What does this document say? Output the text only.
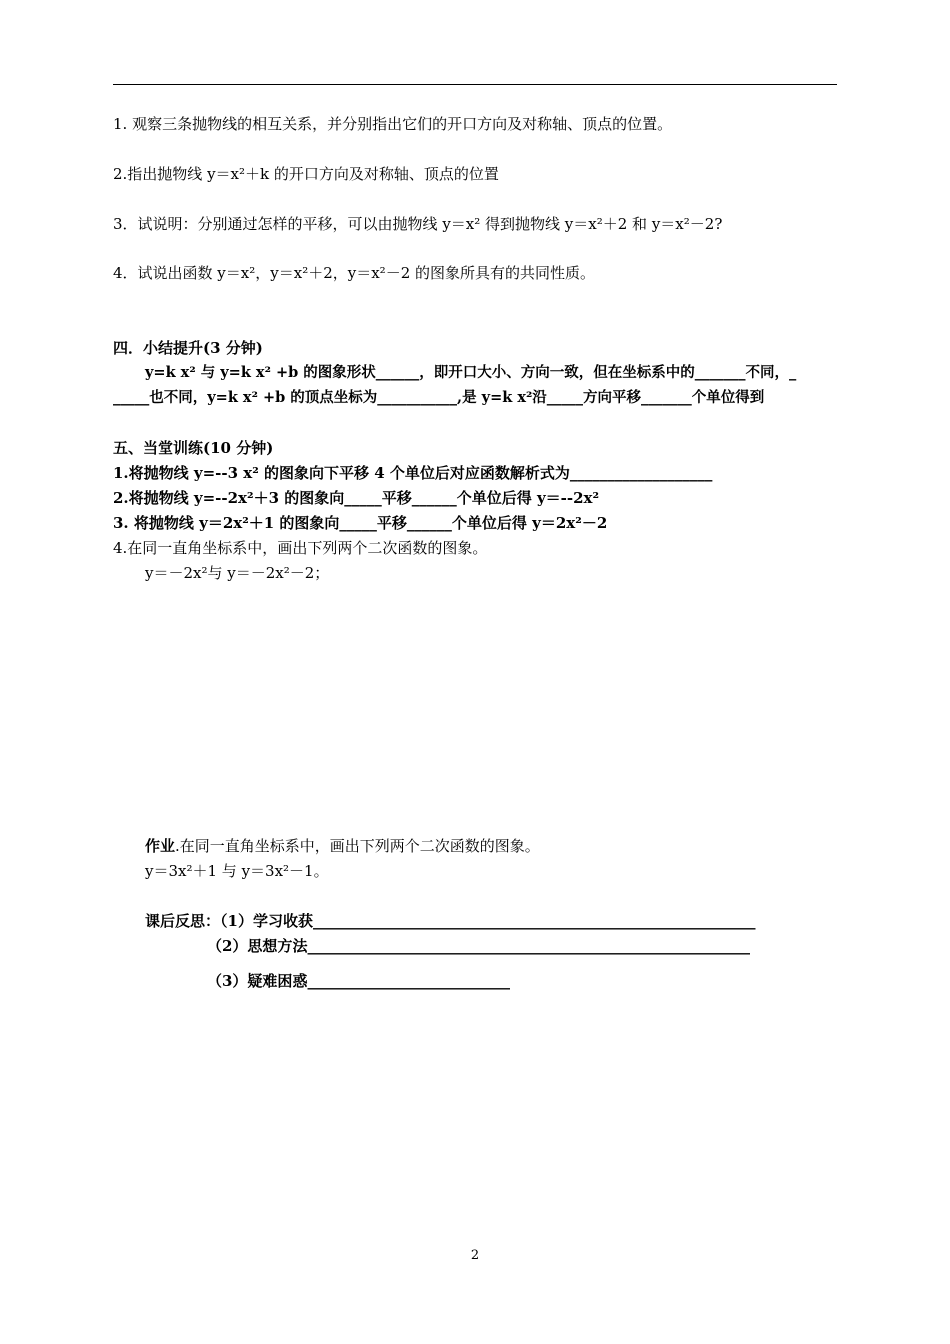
1. 观察三条抛物线的相互关系，并分别指出它们的开口方向及对称轴、顶点的位置。
2.指出抛物线 y＝x²＋k 的开口方向及对称轴、顶点的位置
3．试说明：分别通过怎样的平移，可以由抛物线 y＝x² 得到抛物线 y＝x²＋2 和 y＝x²－2?
4．试说出函数 y＝x²，y＝x²＋2，y＝x²－2 的图象所具有的共同性质。
四．小结提升(3 分钟)
y=k x² 与 y=k x² +b 的图象形状______，即开口大小、方向一致，但在坐标系中的_______不同，_
_____也不同，y=k x² +b 的顶点坐标为___________,是 y=k x²沿_____方向平移_______个单位得到
五、当堂训练(10 分钟)
1.将抛物线 y=--3 x² 的图象向下平移 4 个单位后对应函数解析式为___________________
2.将抛物线 y=--2x²＋3 的图象向_____平移______个单位后得 y＝--2x²
3. 将抛物线 y＝2x²＋1 的图象向_____平移______个单位后得 y＝2x²－2
4.在同一直角坐标系中，画出下列两个二次函数的图象。
y＝－2x²与 y＝－2x²－2；
作业.在同一直角坐标系中，画出下列两个二次函数的图象。
y＝3x²＋1 与 y＝3x²－1。
课后反思：（1）学习收获___________________________________________________________
（2）思想方法___________________________________________________________
（3）疑难困惑___________________________
2
